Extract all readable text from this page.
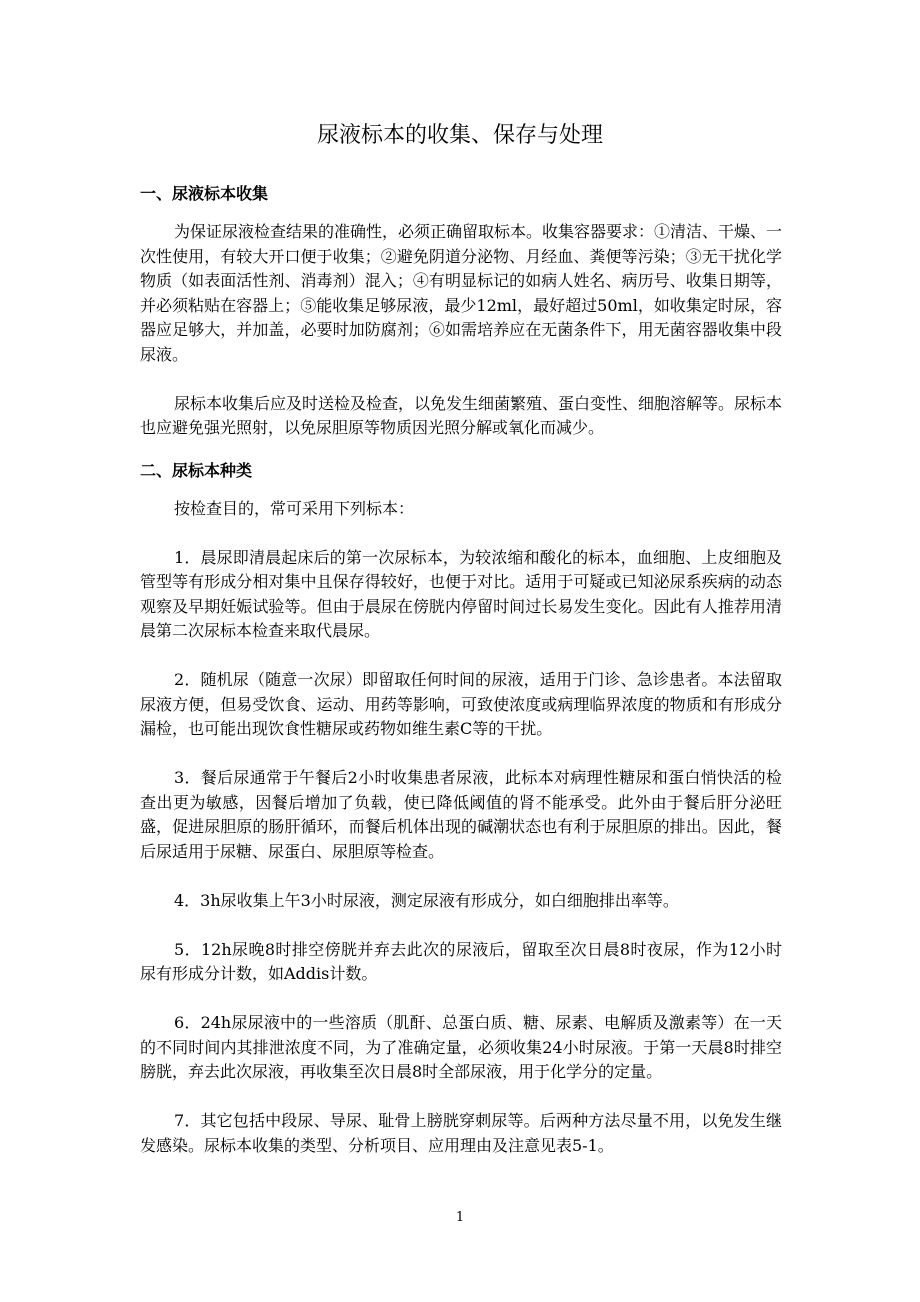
尿液标本的收集、保存与处理

一、尿液标本收集

为保证尿液检查结果的准确性，必须正确留取标本。收集容器要求：①清洁、干燥、一次性使用，有较大开口便于收集；②避免阴道分泌物、月经血、粪便等污染；③无干扰化学物质（如表面活性剂、消毒剂）混入；④有明显标记的如病人姓名、病历号、收集日期等，并必须粘贴在容器上；⑤能收集足够尿液，最少12ml，最好超过50ml，如收集定时尿，容器应足够大，并加盖，必要时加防腐剂；⑥如需培养应在无菌条件下，用无菌容器收集中段尿液。

尿标本收集后应及时送检及检查，以免发生细菌繁殖、蛋白变性、细胞溶解等。尿标本也应避免强光照射，以免尿胆原等物质因光照分解或氧化而减少。

二、尿标本种类

按检查目的，常可采用下列标本：

1．晨尿即清晨起床后的第一次尿标本，为较浓缩和酸化的标本，血细胞、上皮细胞及管型等有形成分相对集中且保存得较好，也便于对比。适用于可疑或已知泌尿系疾病的动态观察及早期妊娠试验等。但由于晨尿在傍胱内停留时间过长易发生变化。因此有人推荐用清晨第二次尿标本检查来取代晨尿。

2．随机尿（随意一次尿）即留取任何时间的尿液，适用于门诊、急诊患者。本法留取尿液方便，但易受饮食、运动、用药等影响，可致使浓度或病理临界浓度的物质和有形成分漏检，也可能出现饮食性糖尿或药物如维生素C等的干扰。

3．餐后尿通常于午餐后2小时收集患者尿液，此标本对病理性糖尿和蛋白悄快活的检查出更为敏感，因餐后增加了负载，使已降低阈值的肾不能承受。此外由于餐后肝分泌旺盛，促进尿胆原的肠肝循环，而餐后机体出现的碱潮状态也有利于尿胆原的排出。因此，餐后尿适用于尿糖、尿蛋白、尿胆原等检查。

4．3h尿收集上午3小时尿液，测定尿液有形成分，如白细胞排出率等。

5．12h尿晚8时排空傍胱并弃去此次的尿液后，留取至次日晨8时夜尿，作为12小时尿有形成分计数，如Addis计数。

6．24h尿尿液中的一些溶质（肌酐、总蛋白质、糖、尿素、电解质及激素等）在一天的不同时间内其排泄浓度不同，为了准确定量，必须收集24小时尿液。于第一天晨8时排空膀胱，弃去此次尿液，再收集至次日晨8时全部尿液，用于化学分的定量。

7．其它包括中段尿、导尿、耻骨上膀胱穿刺尿等。后两种方法尽量不用，以免发生继发感染。尿标本收集的类型、分析项目、应用理由及注意见表5-1。

1
